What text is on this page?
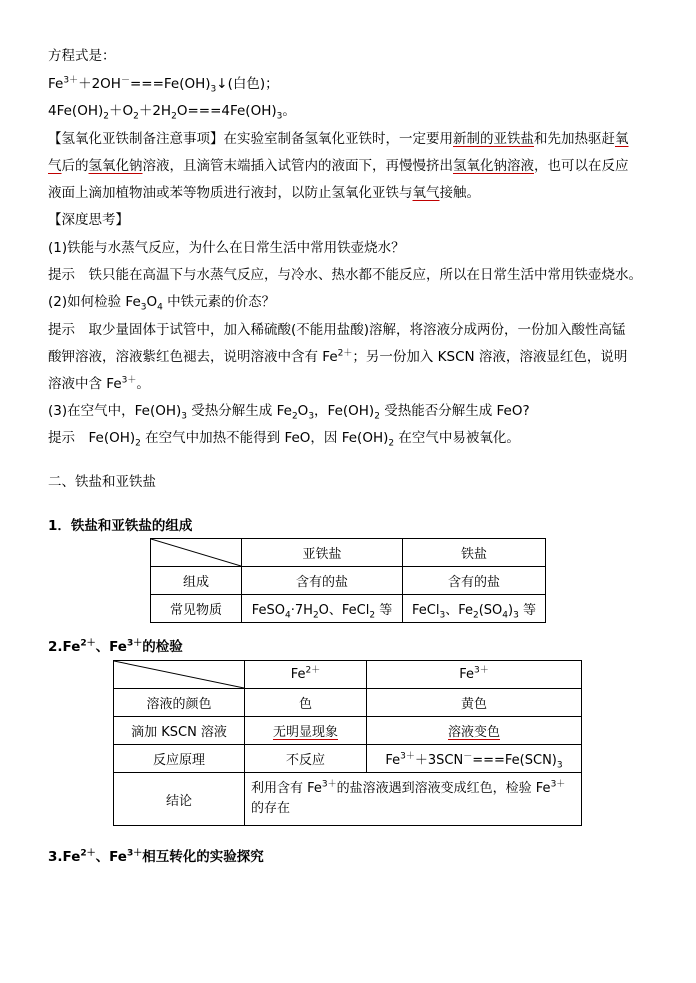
方程式是：
$Fe^{3+}+2OH^-===Fe(OH)_3↓$(白色)；
$4Fe(OH)_2+O_2+2H_2O===4Fe(OH)_3$。
【氢氧化亚铁制备注意事项】在实验室制备氢氧化亚铁时，一定要用新制的亚铁盐和先加热驱赶氧
气后的氢氧化钠溶液，且滴管末端插入试管内的液面下，再慢慢挤出氢氧化钠溶液，也可以在反应
液面上滴加植物油或苯等物质进行液封，以防止氢氧化亚铁与氧气接触。
【深度思考】
(1)铁能与水蒸气反应，为什么在日常生活中常用铁壶烧水？
提示　铁只能在高温下与水蒸气反应，与冷水、热水都不能反应，所以在日常生活中常用铁壶烧水。
(2)如何检验 $Fe_3O_4$ 中铁元素的价态？
提示　取少量固体于试管中，加入稀硫酸(不能用盐酸)溶解，将溶液分成两份，一份加入酸性高锰
酸钾溶液，溶液紫红色褪去，说明溶液中含有 $Fe^{2+}$；另一份加入 KSCN 溶液，溶液显红色，说明
溶液中含 $Fe^{3+}$。
(3)在空气中，$Fe(OH)_3$ 受热分解生成 $Fe_2O_3$，$Fe(OH)_2$ 受热能否分解生成 FeO?
提示　$Fe(OH)_2$ 在空气中加热不能得到 FeO，因 $Fe(OH)_2$ 在空气中易被氧化。
二、铁盐和亚铁盐
1．铁盐和亚铁盐的组成
	亚铁盐	铁盐
组成	含有的盐	含有的盐
常见物质	$FeSO_4\cdot 7H_2O$、FeCl$_2$ 等	FeCl$_3$、$Fe_2(SO_4)_3$ 等
$2.Fe^{2+}$、$Fe^{3+}$的检验
	$Fe^{2+}$	$Fe^{3+}$
溶液的颜色	色	黄色
滴加 KSCN 溶液	无明显现象	溶液变色
反应原理	不反应	$Fe^{3+}+3SCN^-===Fe(SCN)_3$
结论	利用含有 $Fe^{3+}$的盐溶液遇到溶液变成红色，检验 $Fe^{3+}$
的存在	
$3.Fe^{2+}$、$Fe^{3+}$相互转化的实验探究
